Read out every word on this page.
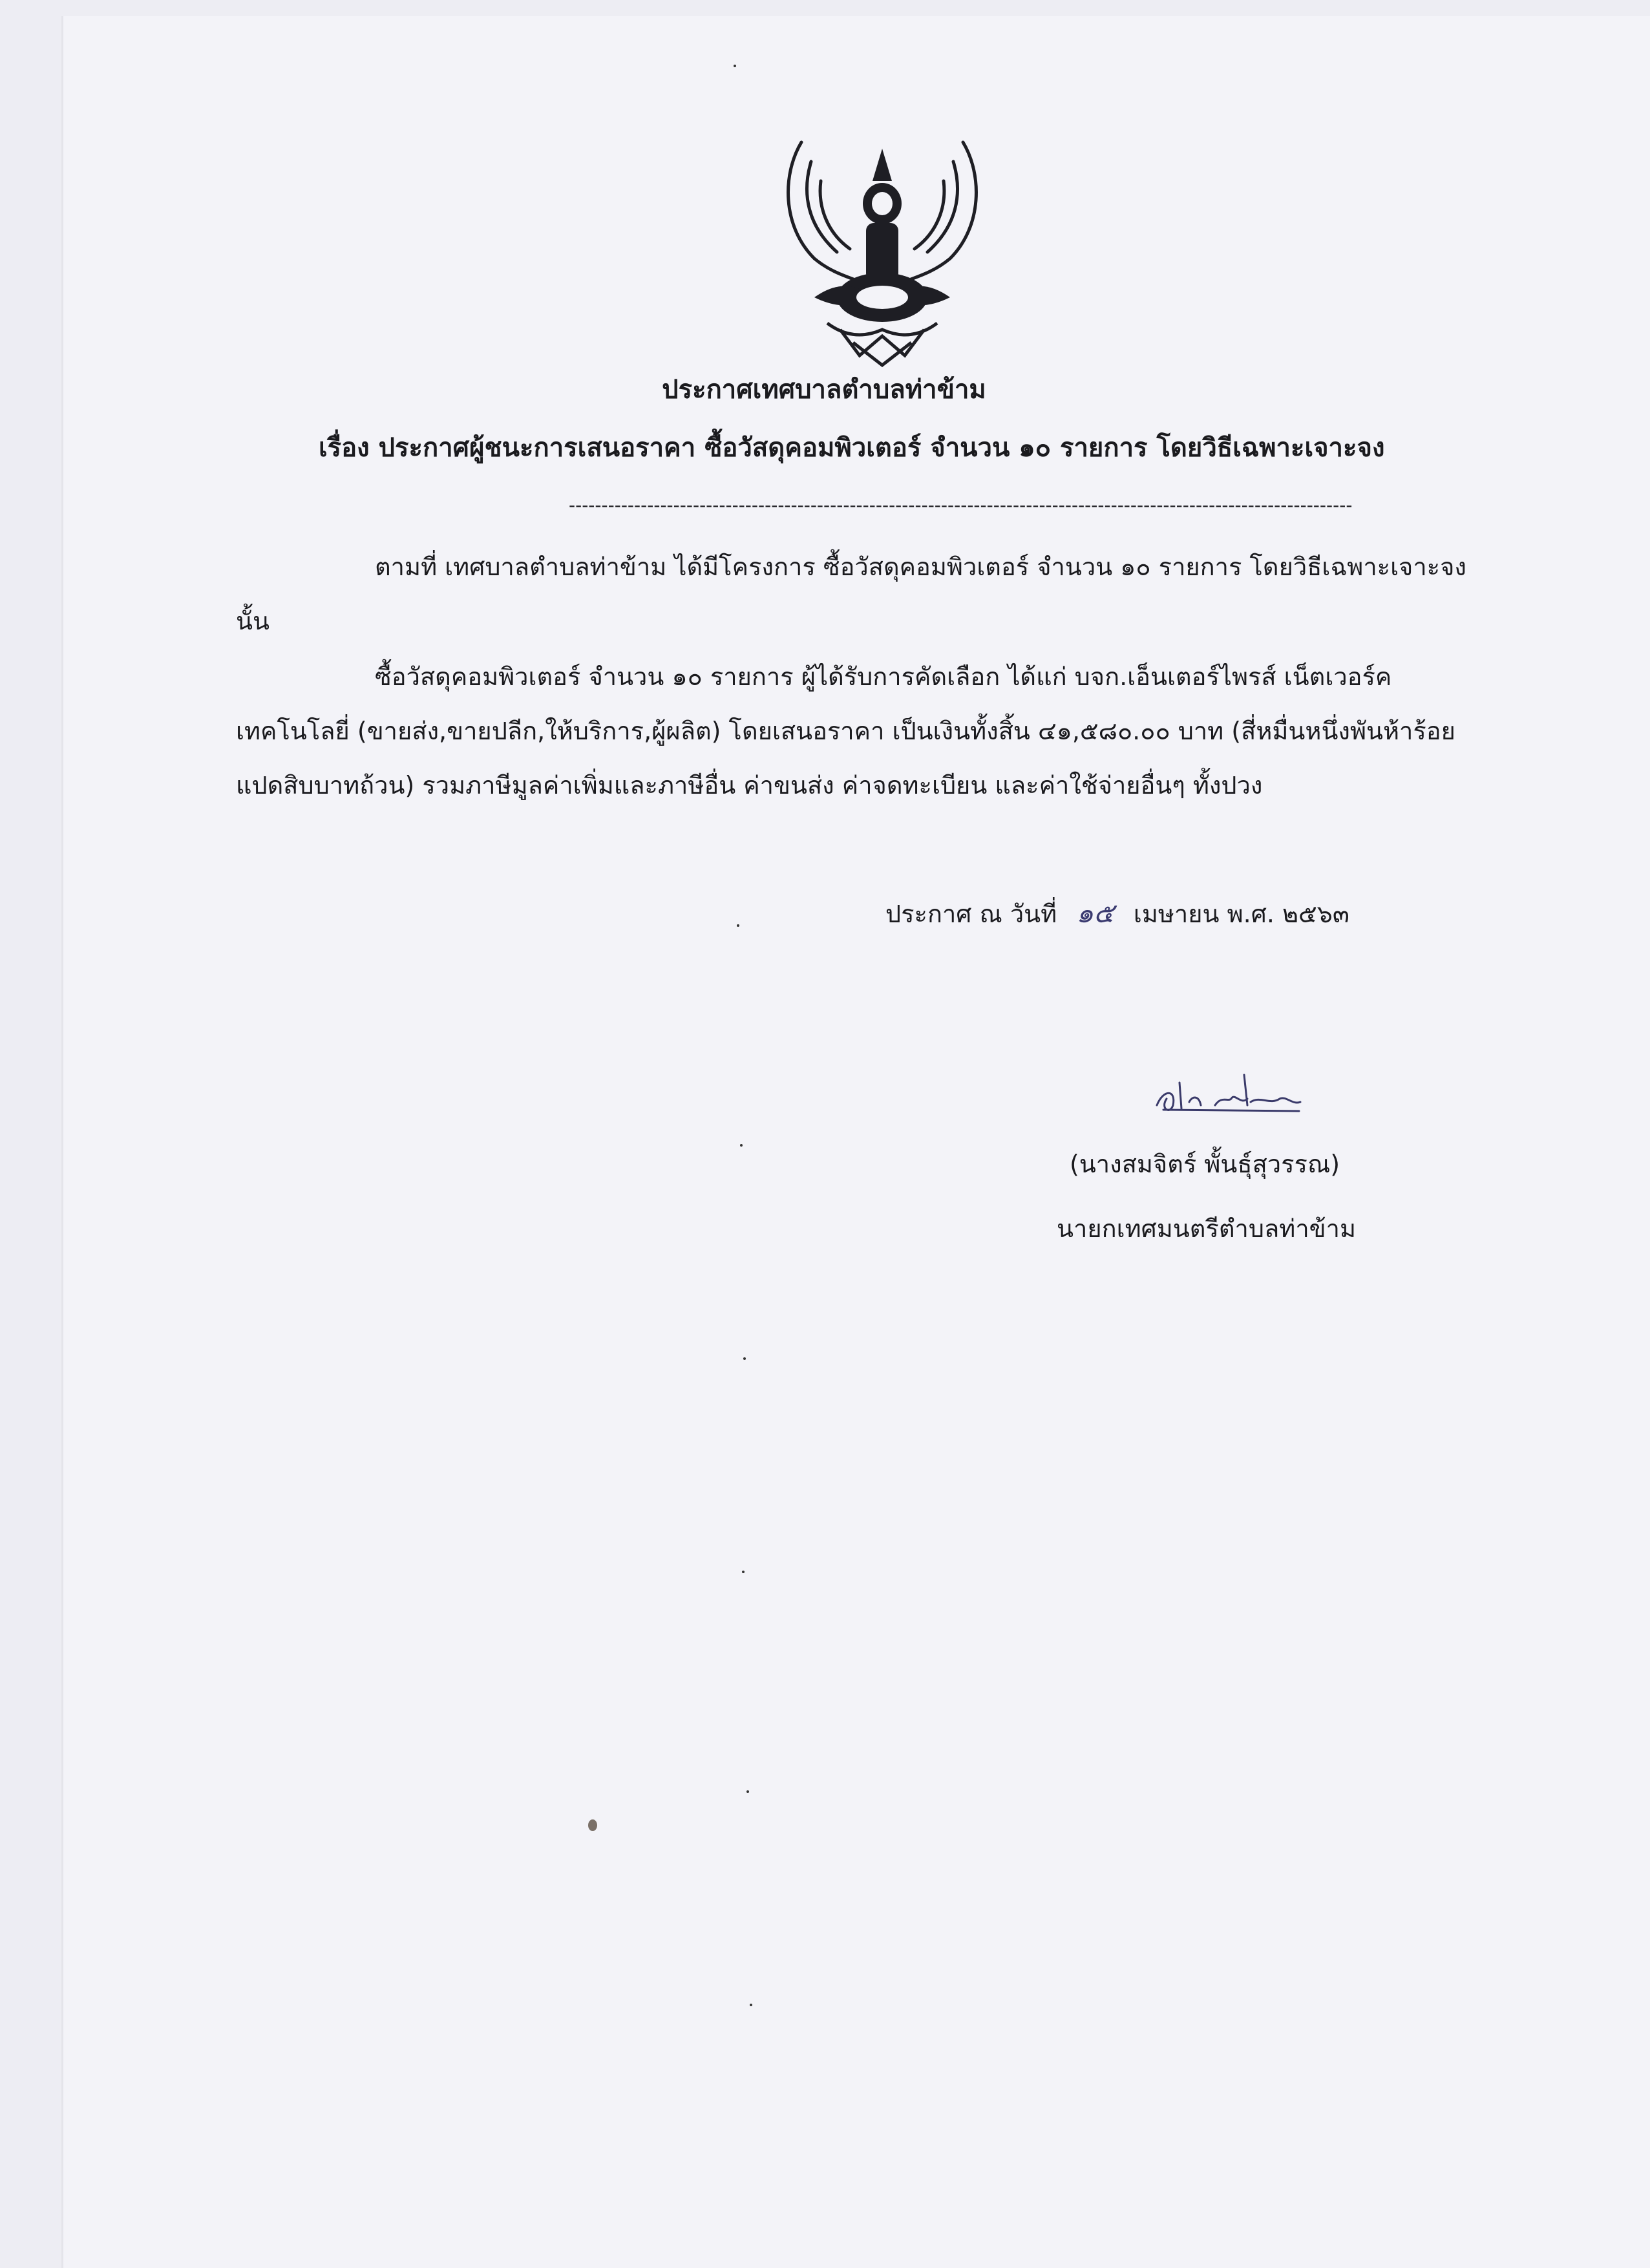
ประกาศเทศบาลตำบลท่าข้าม
เรื่อง ประกาศผู้ชนะการเสนอราคา ซื้อวัสดุคอมพิวเตอร์ จำนวน ๑๐ รายการ โดยวิธีเฉพาะเจาะจง
------------------------------------------------------------------------------------------------------------------------
ตามที่ เทศบาลตำบลท่าข้าม ได้มีโครงการ ซื้อวัสดุคอมพิวเตอร์ จำนวน ๑๐ รายการ โดยวิธีเฉพาะเจาะจง นั้น
ซื้อวัสดุคอมพิวเตอร์ จำนวน ๑๐ รายการ ผู้ได้รับการคัดเลือก ได้แก่ บจก.เอ็นเตอร์ไพรส์ เน็ตเวอร์คเทคโนโลยี่ (ขายส่ง,ขายปลีก,ให้บริการ,ผู้ผลิต) โดยเสนอราคา เป็นเงินทั้งสิ้น ๔๑,๕๘๐.๐๐ บาท (สี่หมื่นหนึ่งพันห้าร้อยแปดสิบบาทถ้วน) รวมภาษีมูลค่าเพิ่มและภาษีอื่น ค่าขนส่ง ค่าจดทะเบียน และค่าใช้จ่ายอื่นๆ ทั้งปวง
ประกาศ ณ วันที่ ๑๕ เมษายน พ.ศ. ๒๕๖๓
(นางสมจิตร์ พั้นธุ์สุวรรณ)
นายกเทศมนตรีตำบลท่าข้าม
